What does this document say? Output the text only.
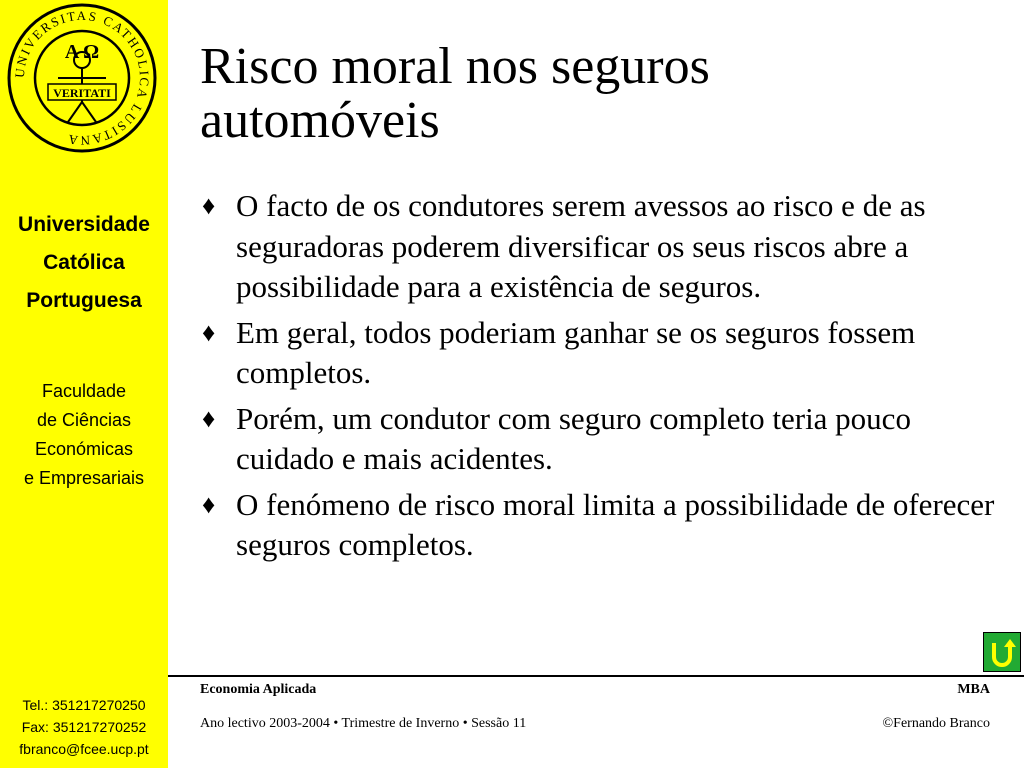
UNIVERSITAS CATHOLICA LUSITANA
A Ω
VERITATI
Universidade
Católica
Portuguesa
Faculdade
de Ciências
Económicas
e Empresariais
Tel.: 351217270250
Fax: 351217270252
fbranco@fcee.ucp.pt
Risco moral nos seguros
automóveis
♦ O facto de os condutores serem avessos ao risco e de as seguradoras poderem diversificar os seus riscos abre a possibilidade para a existência de seguros.
♦ Em geral, todos poderiam ganhar se os seguros fossem completos.
♦ Porém, um condutor com seguro completo teria pouco cuidado e mais acidentes.
♦ O fenómeno de risco moral limita a possibilidade de oferecer seguros completos.
Economia Aplicada	MBA
Ano lectivo 2003-2004 • Trimestre de Inverno • Sessão 11	©Fernando Branco
